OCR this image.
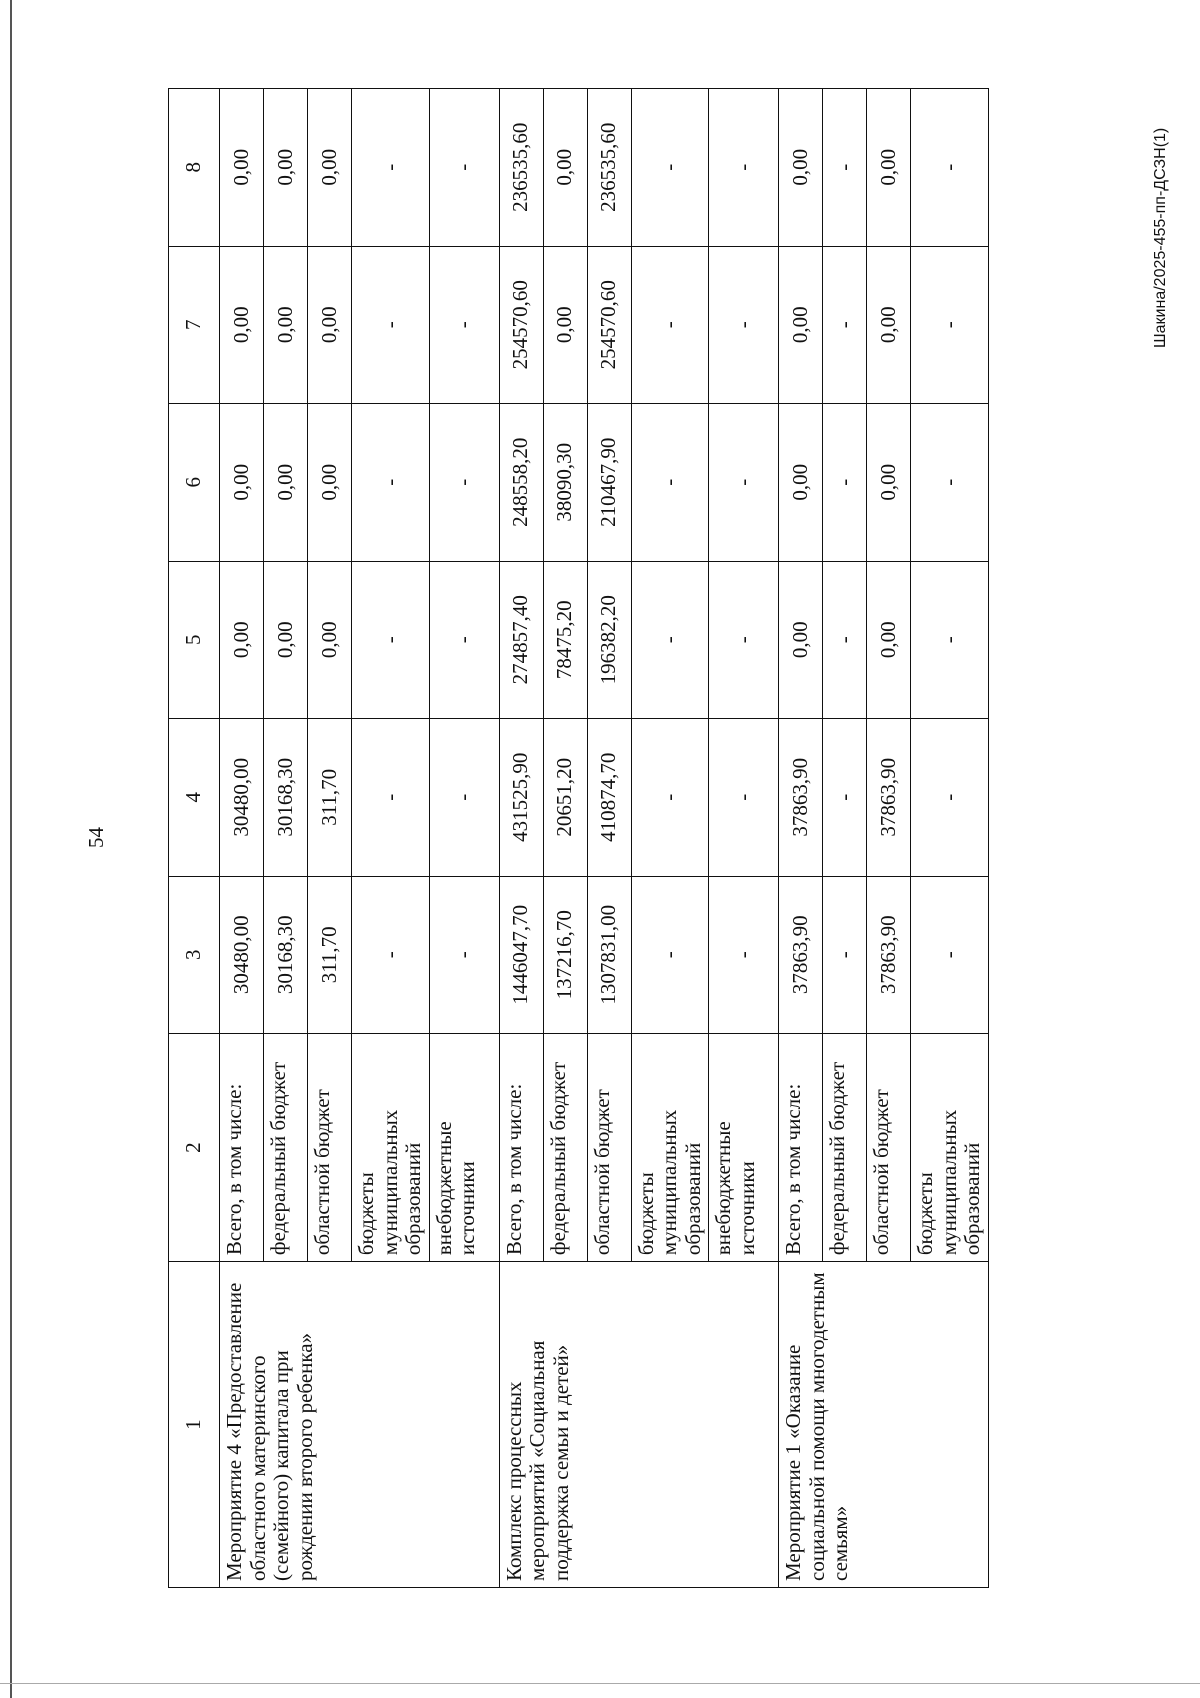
54
1	2	3	4	5	6	7	8
Мероприятие 4 «Предоставление областного материнского (семейного) капитала при рождении второго ребенка»	Всего, в том числе:	30480,00	30480,00	0,00	0,00	0,00	0,00
	федеральный бюджет	30168,30	30168,30	0,00	0,00	0,00	0,00
	областной бюджет	311,70	311,70	0,00	0,00	0,00	0,00
	бюджеты муниципальных образований	-	-	-	-	-	-
	внебюджетные источники	-	-	-	-	-	-
Комплекс процессных мероприятий «Социальная поддержка семьи и детей»	Всего, в том числе:	1446047,70	431525,90	274857,40	248558,20	254570,60	236535,60
	федеральный бюджет	137216,70	20651,20	78475,20	38090,30	0,00	0,00
	областной бюджет	1307831,00	410874,70	196382,20	210467,90	254570,60	236535,60
	бюджеты муниципальных образований	-	-	-	-	-	-
	внебюджетные источники	-	-	-	-	-	-
Мероприятие 1 «Оказание социальной помощи многодетным семьям»	Всего, в том числе:	37863,90	37863,90	0,00	0,00	0,00	0,00
	федеральный бюджет	-	-	-	-	-	-
	областной бюджет	37863,90	37863,90	0,00	0,00	0,00	0,00
	бюджеты муниципальных образований	-	-	-	-	-	-	Шакина/2025-455-пп-ДСЗН(1)
